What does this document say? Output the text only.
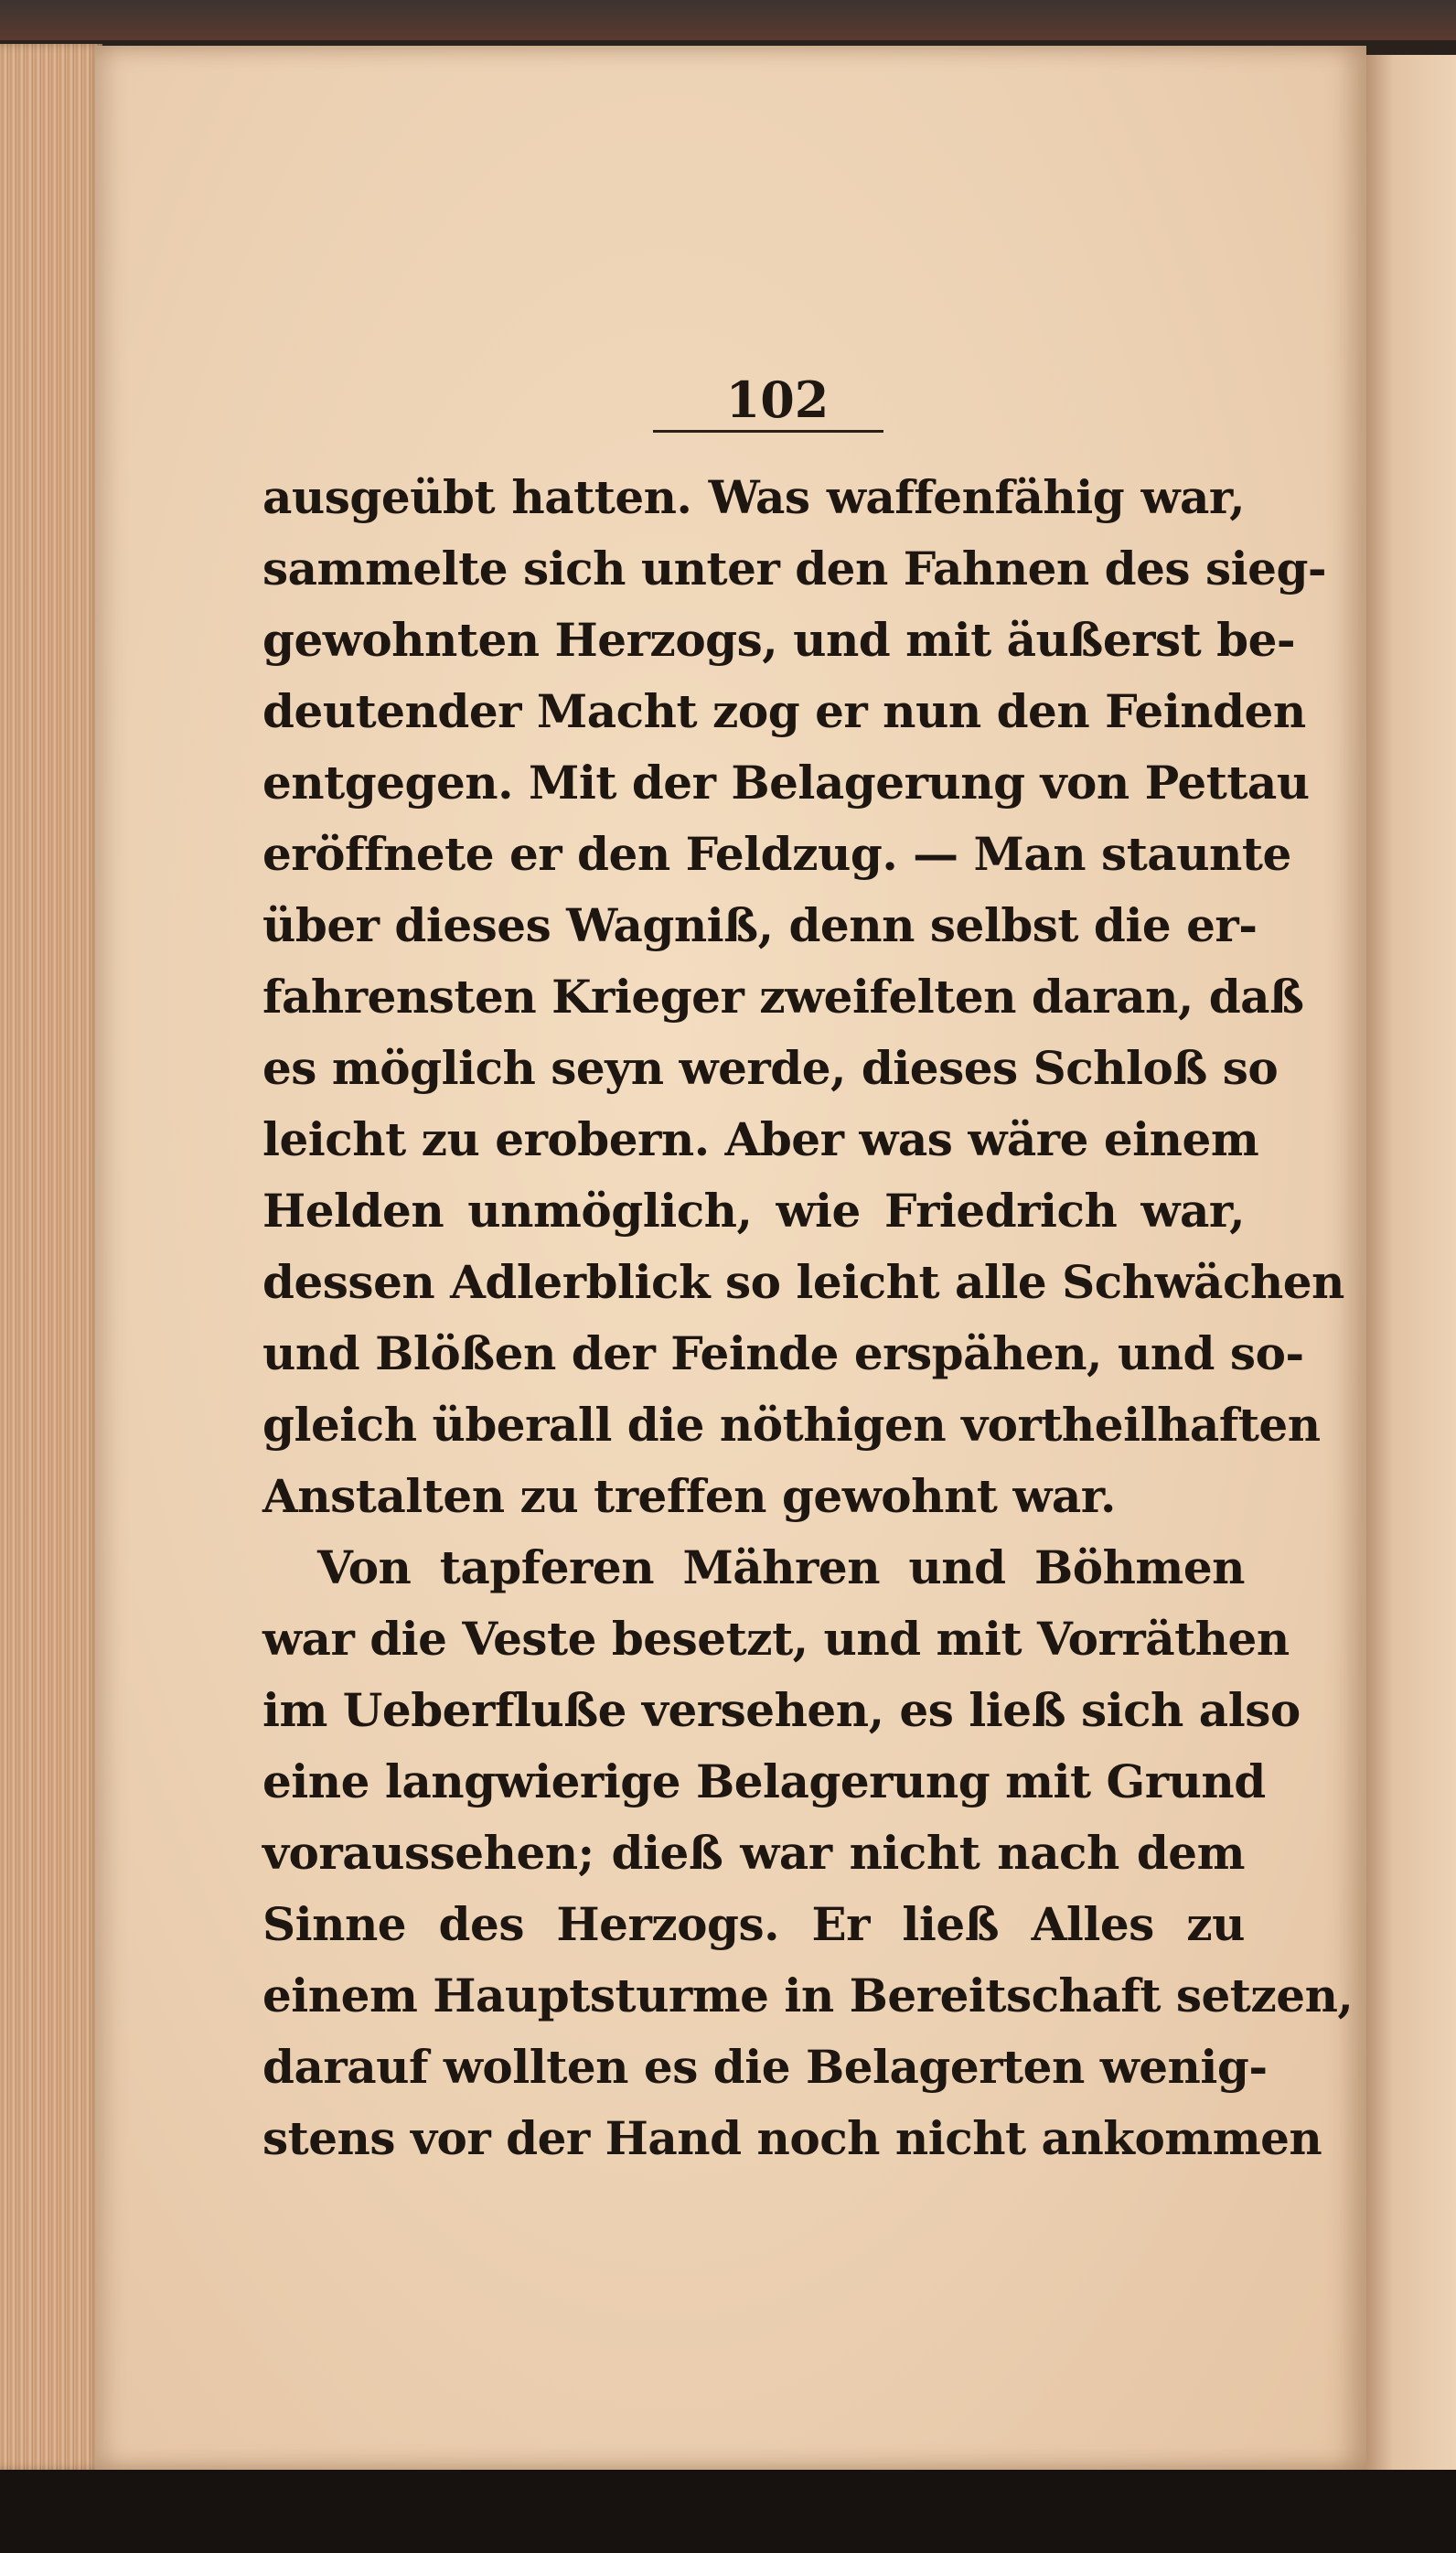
102

ausgeübt hatten. Was waffenfähig war,
sammelte sich unter den Fahnen des sieg-
gewohnten Herzogs, und mit äußerst be-
deutender Macht zog er nun den Feinden
entgegen. Mit der Belagerung von Pettau
eröffnete er den Feldzug. — Man staunte
über dieses Wagniß, denn selbst die er-
fahrensten Krieger zweifelten daran, daß
es möglich seyn werde, dieses Schloß so
leicht zu erobern. Aber was wäre einem
Helden unmöglich, wie Friedrich war,
dessen Adlerblick so leicht alle Schwächen
und Blößen der Feinde erspähen, und so-
gleich überall die nöthigen vortheilhaften
Anstalten zu treffen gewohnt war.
Von tapferen Mähren und Böhmen
war die Veste besetzt, und mit Vorräthen
im Ueberfluße versehen, es ließ sich also
eine langwierige Belagerung mit Grund
voraussehen; dieß war nicht nach dem
Sinne des Herzogs. Er ließ Alles zu
einem Hauptsturme in Bereitschaft setzen,
darauf wollten es die Belagerten wenig-
stens vor der Hand noch nicht ankommen
